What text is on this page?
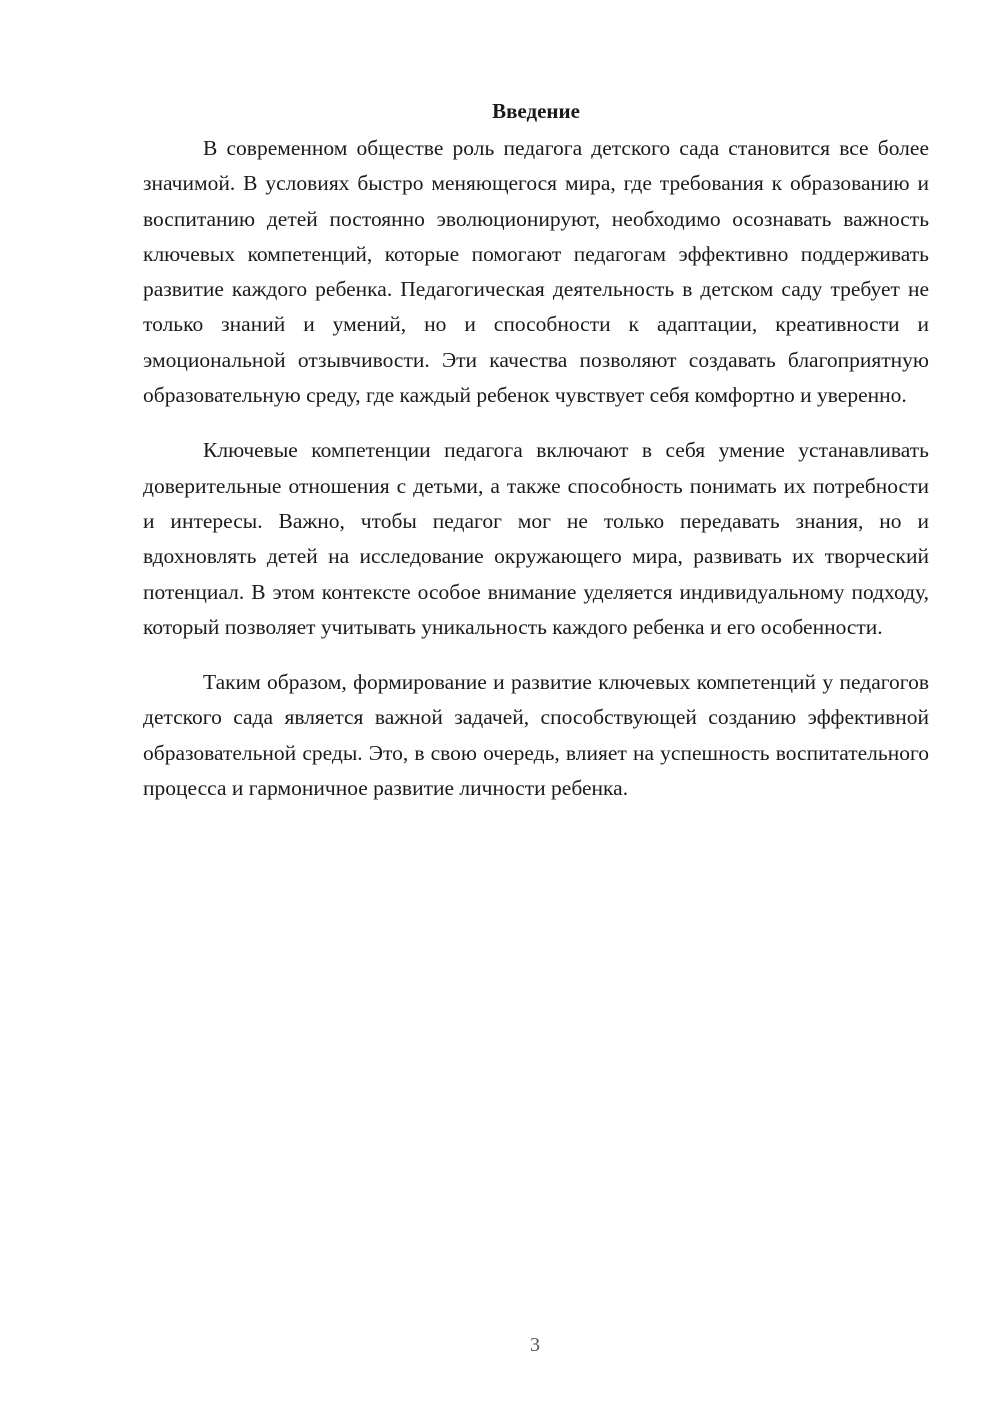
Введение

В современном обществе роль педагога детского сада становится все более значимой. В условиях быстро меняющегося мира, где требования к образованию и воспитанию детей постоянно эволюционируют, необходимо осознавать важность ключевых компетенций, которые помогают педагогам эффективно поддерживать развитие каждого ребенка. Педагогическая деятельность в детском саду требует не только знаний и умений, но и способности к адаптации, креативности и эмоциональной отзывчивости. Эти качества позволяют создавать благоприятную образовательную среду, где каждый ребенок чувствует себя комфортно и уверенно.

Ключевые компетенции педагога включают в себя умение устанавливать доверительные отношения с детьми, а также способность понимать их потребности и интересы. Важно, чтобы педагог мог не только передавать знания, но и вдохновлять детей на исследование окружающего мира, развивать их творческий потенциал. В этом контексте особое внимание уделяется индивидуальному подходу, который позволяет учитывать уникальность каждого ребенка и его особенности.

Таким образом, формирование и развитие ключевых компетенций у педагогов детского сада является важной задачей, способствующей созданию эффективной образовательной среды. Это, в свою очередь, влияет на успешность воспитательного процесса и гармоничное развитие личности ребенка.

3
